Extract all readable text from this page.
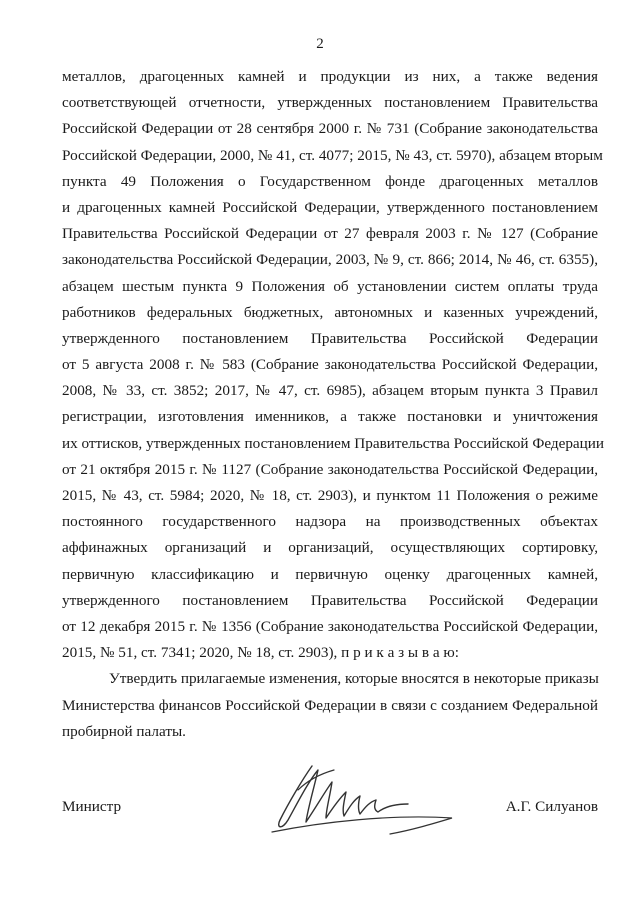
2
металлов, драгоценных камней и продукции из них, а также ведения
соответствующей отчетности, утвержденных постановлением Правительства
Российской Федерации от 28 сентября 2000 г. № 731 (Собрание законодательства
Российской Федерации, 2000, № 41, ст. 4077; 2015, № 43, ст. 5970), абзацем вторым
пункта 49 Положения о Государственном фонде драгоценных металлов
и драгоценных камней Российской Федерации, утвержденного постановлением
Правительства Российской Федерации от 27 февраля 2003 г. № 127 (Собрание
законодательства Российской Федерации, 2003, № 9, ст. 866; 2014, № 46, ст. 6355),
абзацем шестым пункта 9 Положения об установлении систем оплаты труда
работников федеральных бюджетных, автономных и казенных учреждений,
утвержденного постановлением Правительства Российской Федерации
от 5 августа 2008 г. № 583 (Собрание законодательства Российской Федерации,
2008, № 33, ст. 3852; 2017, № 47, ст. 6985), абзацем вторым пункта 3 Правил
регистрации, изготовления именников, а также постановки и уничтожения
их оттисков, утвержденных постановлением Правительства Российской Федерации
от 21 октября 2015 г. № 1127 (Собрание законодательства Российской Федерации,
2015, № 43, ст. 5984; 2020, № 18, ст. 2903), и пунктом 11 Положения о режиме
постоянного государственного надзора на производственных объектах
аффинажных организаций и организаций, осуществляющих сортировку,
первичную классификацию и первичную оценку драгоценных камней,
утвержденного постановлением Правительства Российской Федерации
от 12 декабря 2015 г. № 1356 (Собрание законодательства Российской Федерации,
2015, № 51, ст. 7341; 2020, № 18, ст. 2903), п р и к а з ы в а ю:
Утвердить прилагаемые изменения, которые вносятся в некоторые приказы
Министерства финансов Российской Федерации в связи с созданием Федеральной
пробирной палаты.
Министр	А.Г. Силуанов
